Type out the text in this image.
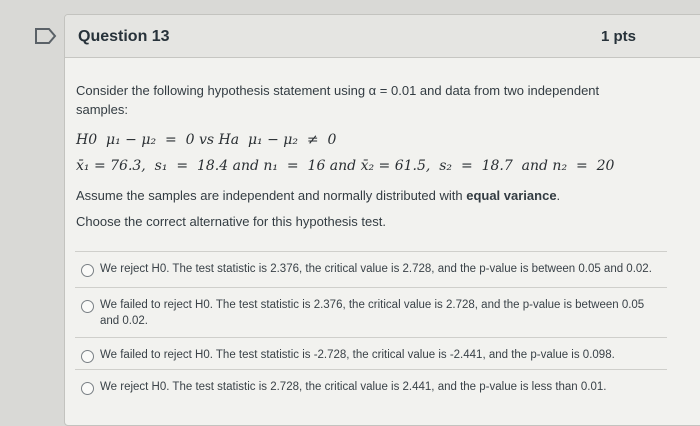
Question 13	1 pts

Consider the following hypothesis statement using α = 0.01 and data from two independent samples:

H0  μ₁ − μ₂  =  0 vs Ha  μ₁ − μ₂  ≠  0
x̄₁ = 76.3,  s₁  =  18.4 and n₁  =  16 and x̄₂ = 61.5,  s₂  =  18.7  and n₂  =  20

Assume the samples are independent and normally distributed with equal variance.

Choose the correct alternative for this hypothesis test.

We reject H0. The test statistic is 2.376, the critical value is 2.728, and the p-value is between 0.05 and 0.02.
We failed to reject H0. The test statistic is 2.376, the critical value is 2.728, and the p-value is between 0.05 and 0.02.
We failed to reject H0. The test statistic is -2.728, the critical value is -2.441, and the p-value is 0.098.
We reject H0. The test statistic is 2.728, the critical value is 2.441, and the p-value is less than 0.01.
